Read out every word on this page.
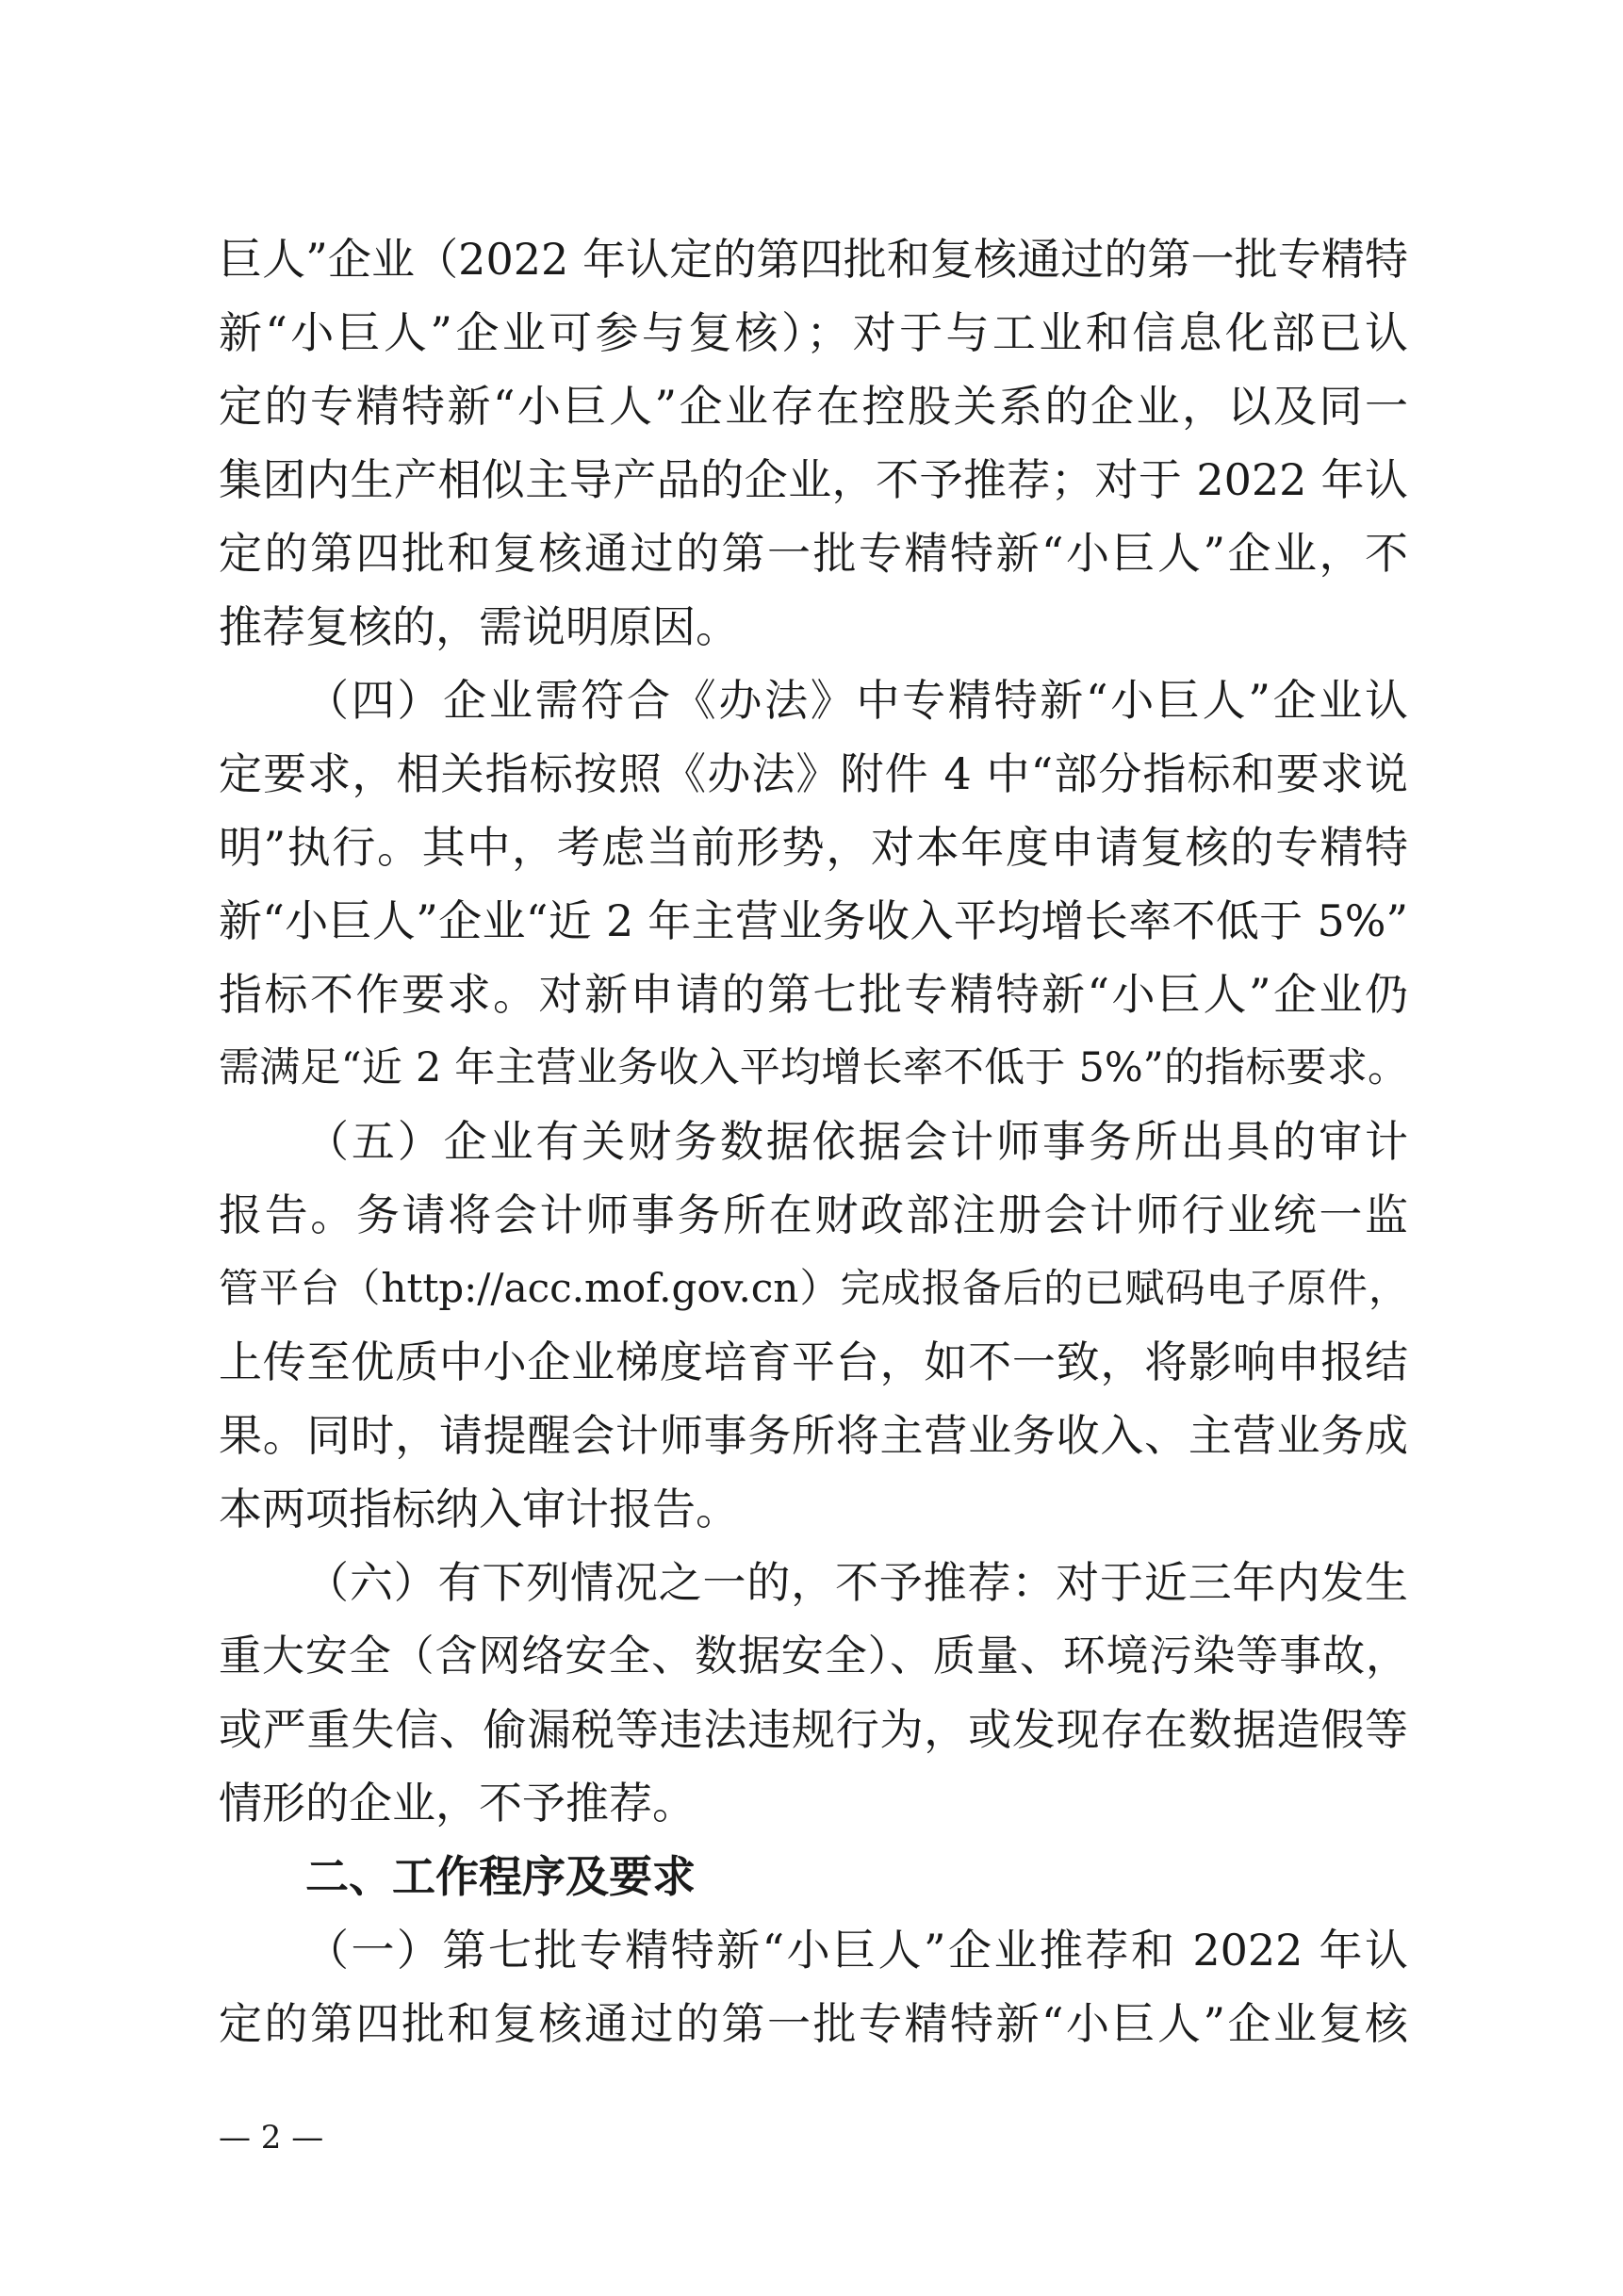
巨人”企业（2022 年认定的第四批和复核通过的第一批专精特
新“小巨人”企业可参与复核）；对于与工业和信息化部已认
定的专精特新“小巨人”企业存在控股关系的企业，以及同一
集团内生产相似主导产品的企业，不予推荐；对于 2022 年认
定的第四批和复核通过的第一批专精特新“小巨人”企业，不
推荐复核的，需说明原因。
（四）企业需符合《办法》中专精特新“小巨人”企业认
定要求，相关指标按照《办法》附件 4 中“部分指标和要求说
明”执行。其中，考虑当前形势，对本年度申请复核的专精特
新“小巨人”企业“近 2 年主营业务收入平均增长率不低于 5%”
指标不作要求。对新申请的第七批专精特新“小巨人”企业仍
需满足“近 2 年主营业务收入平均增长率不低于 5%”的指标要求。
（五）企业有关财务数据依据会计师事务所出具的审计
报告。务请将会计师事务所在财政部注册会计师行业统一监
管平台（http://acc.mof.gov.cn）完成报备后的已赋码电子原件，
上传至优质中小企业梯度培育平台，如不一致，将影响申报结
果。同时，请提醒会计师事务所将主营业务收入、主营业务成
本两项指标纳入审计报告。
（六）有下列情况之一的，不予推荐：对于近三年内发生
重大安全（含网络安全、数据安全）、质量、环境污染等事故，
或严重失信、偷漏税等违法违规行为，或发现存在数据造假等
情形的企业，不予推荐。
二、工作程序及要求
（一）第七批专精特新“小巨人”企业推荐和 2022 年认
定的第四批和复核通过的第一批专精特新“小巨人”企业复核
— 2 —
